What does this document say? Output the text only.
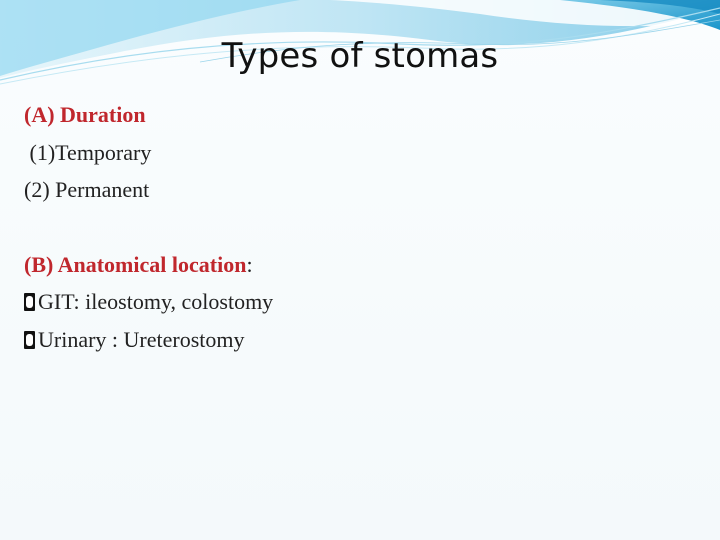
Types of stomas
(A) Duration
(1)Temporary
(2) Permanent
(B) Anatomical location:
GIT: ileostomy, colostomy
Urinary : Ureterostomy
